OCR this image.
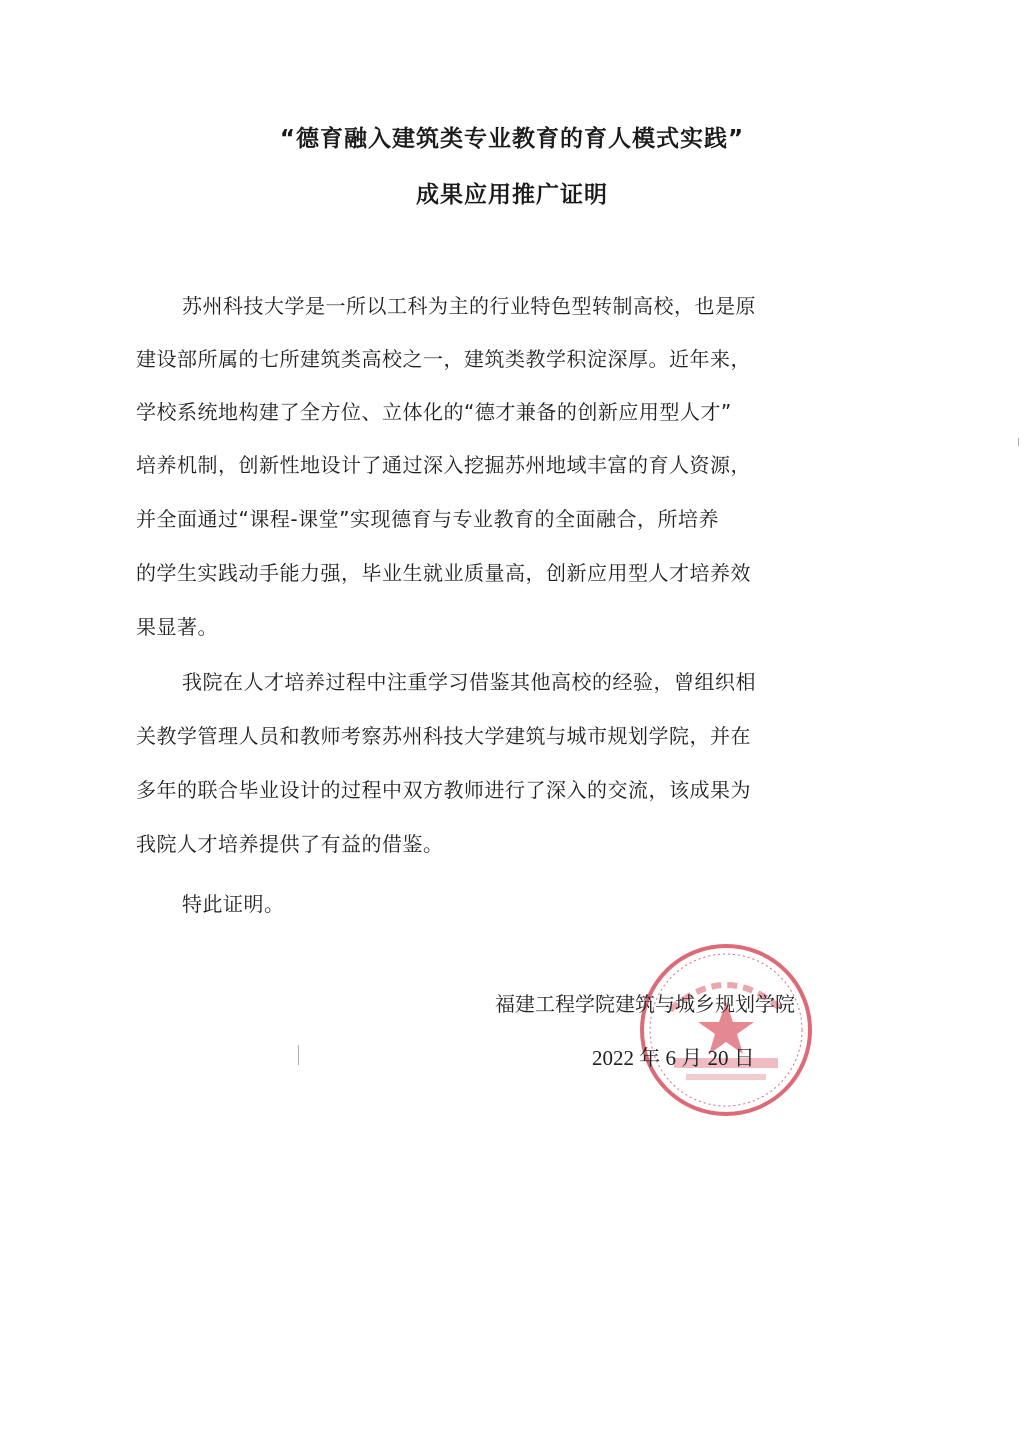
“德育融入建筑类专业教育的育人模式实践”
成果应用推广证明
苏州科技大学是一所以工科为主的行业特色型转制高校，也是原
建设部所属的七所建筑类高校之一，建筑类教学积淀深厚。近年来，
学校系统地构建了全方位、立体化的“德才兼备的创新应用型人才”
培养机制，创新性地设计了通过深入挖掘苏州地域丰富的育人资源，
并全面通过“课程-课堂”实现德育与专业教育的全面融合，所培养
的学生实践动手能力强，毕业生就业质量高，创新应用型人才培养效
果显著。
我院在人才培养过程中注重学习借鉴其他高校的经验，曾组织相
关教学管理人员和教师考察苏州科技大学建筑与城市规划学院，并在
多年的联合毕业设计的过程中双方教师进行了深入的交流，该成果为
我院人才培养提供了有益的借鉴。
特此证明。
福建工程学院建筑与城乡规划学院
2022 年 6 月 20 日
